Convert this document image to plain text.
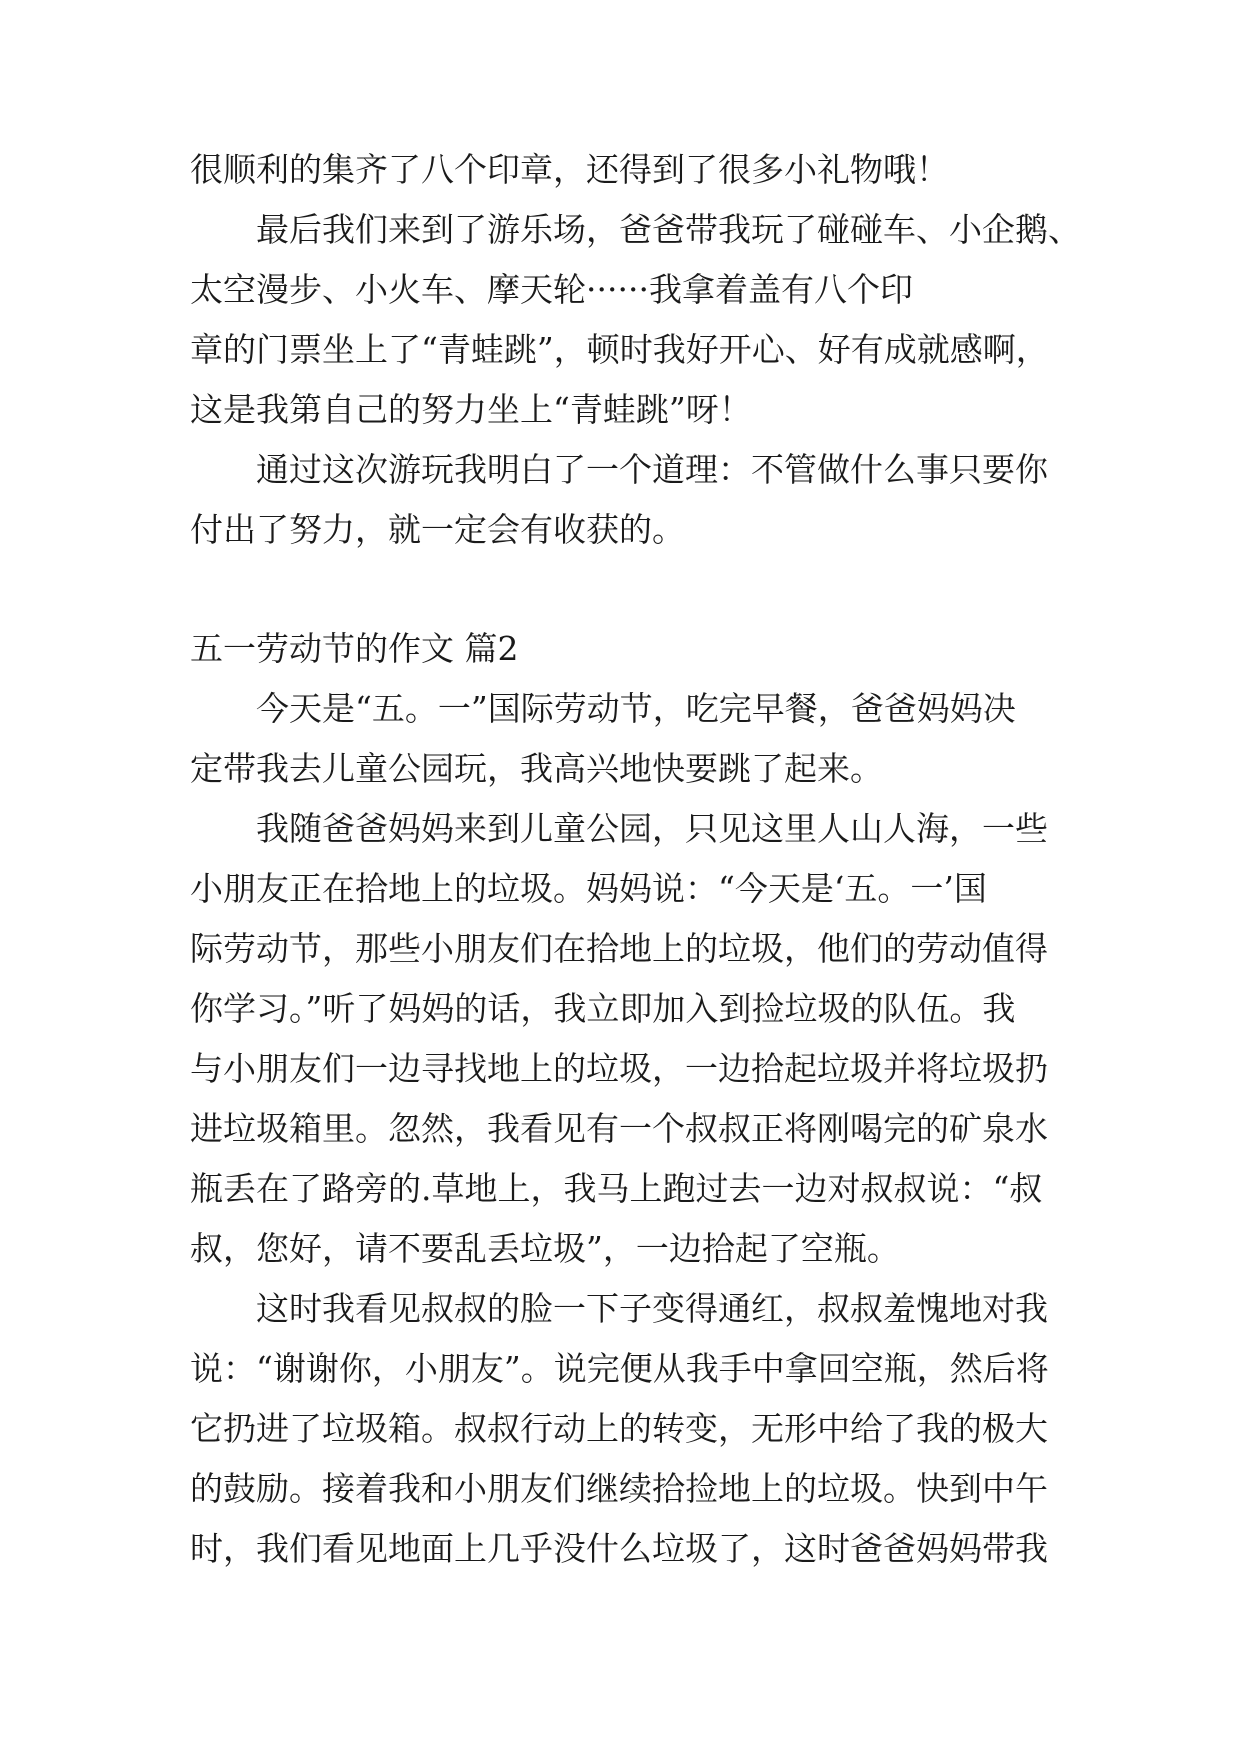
很顺利的集齐了八个印章，还得到了很多小礼物哦！
最后我们来到了游乐场，爸爸带我玩了碰碰车、小企鹅、
太空漫步、小火车、摩天轮······我拿着盖有八个印
章的门票坐上了“青蛙跳”，顿时我好开心、好有成就感啊，
这是我第自己的努力坐上“青蛙跳”呀！
通过这次游玩我明白了一个道理：不管做什么事只要你
付出了努力，就一定会有收获的。
五一劳动节的作文 篇2
今天是“五。一”国际劳动节，吃完早餐，爸爸妈妈决
定带我去儿童公园玩，我高兴地快要跳了起来。
我随爸爸妈妈来到儿童公园，只见这里人山人海，一些
小朋友正在拾地上的垃圾。妈妈说：“今天是‘五。一’国
际劳动节，那些小朋友们在拾地上的垃圾，他们的劳动值得
你学习。”听了妈妈的话，我立即加入到捡垃圾的队伍。我
与小朋友们一边寻找地上的垃圾，一边拾起垃圾并将垃圾扔
进垃圾箱里。忽然，我看见有一个叔叔正将刚喝完的矿泉水
瓶丢在了路旁的.草地上，我马上跑过去一边对叔叔说：“叔
叔，您好，请不要乱丢垃圾”，一边拾起了空瓶。
这时我看见叔叔的脸一下子变得通红，叔叔羞愧地对我
说：“谢谢你，小朋友”。说完便从我手中拿回空瓶，然后将
它扔进了垃圾箱。叔叔行动上的转变，无形中给了我的极大
的鼓励。接着我和小朋友们继续拾捡地上的垃圾。快到中午
时，我们看见地面上几乎没什么垃圾了，这时爸爸妈妈带我
